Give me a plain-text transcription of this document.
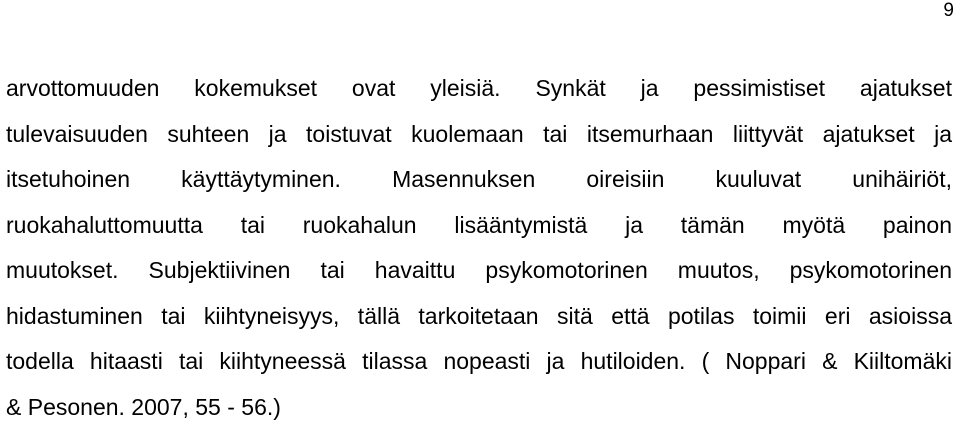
9
arvottomuuden kokemukset ovat yleisiä. Synkät ja pessimistiset ajatukset
tulevaisuuden suhteen ja toistuvat kuolemaan tai itsemurhaan liittyvät ajatukset ja
itsetuhoinen käyttäytyminen. Masennuksen oireisiin kuuluvat unihäiriöt,
ruokahaluttomuutta tai ruokahalun lisääntymistä ja tämän myötä painon
muutokset. Subjektiivinen tai havaittu psykomotorinen muutos, psykomotorinen
hidastuminen tai kiihtyneisyys, tällä tarkoitetaan sitä että potilas toimii eri asioissa
todella hitaasti tai kiihtyneessä tilassa nopeasti ja hutiloiden. ( Noppari & Kiiltomäki
& Pesonen. 2007, 55 - 56.)
